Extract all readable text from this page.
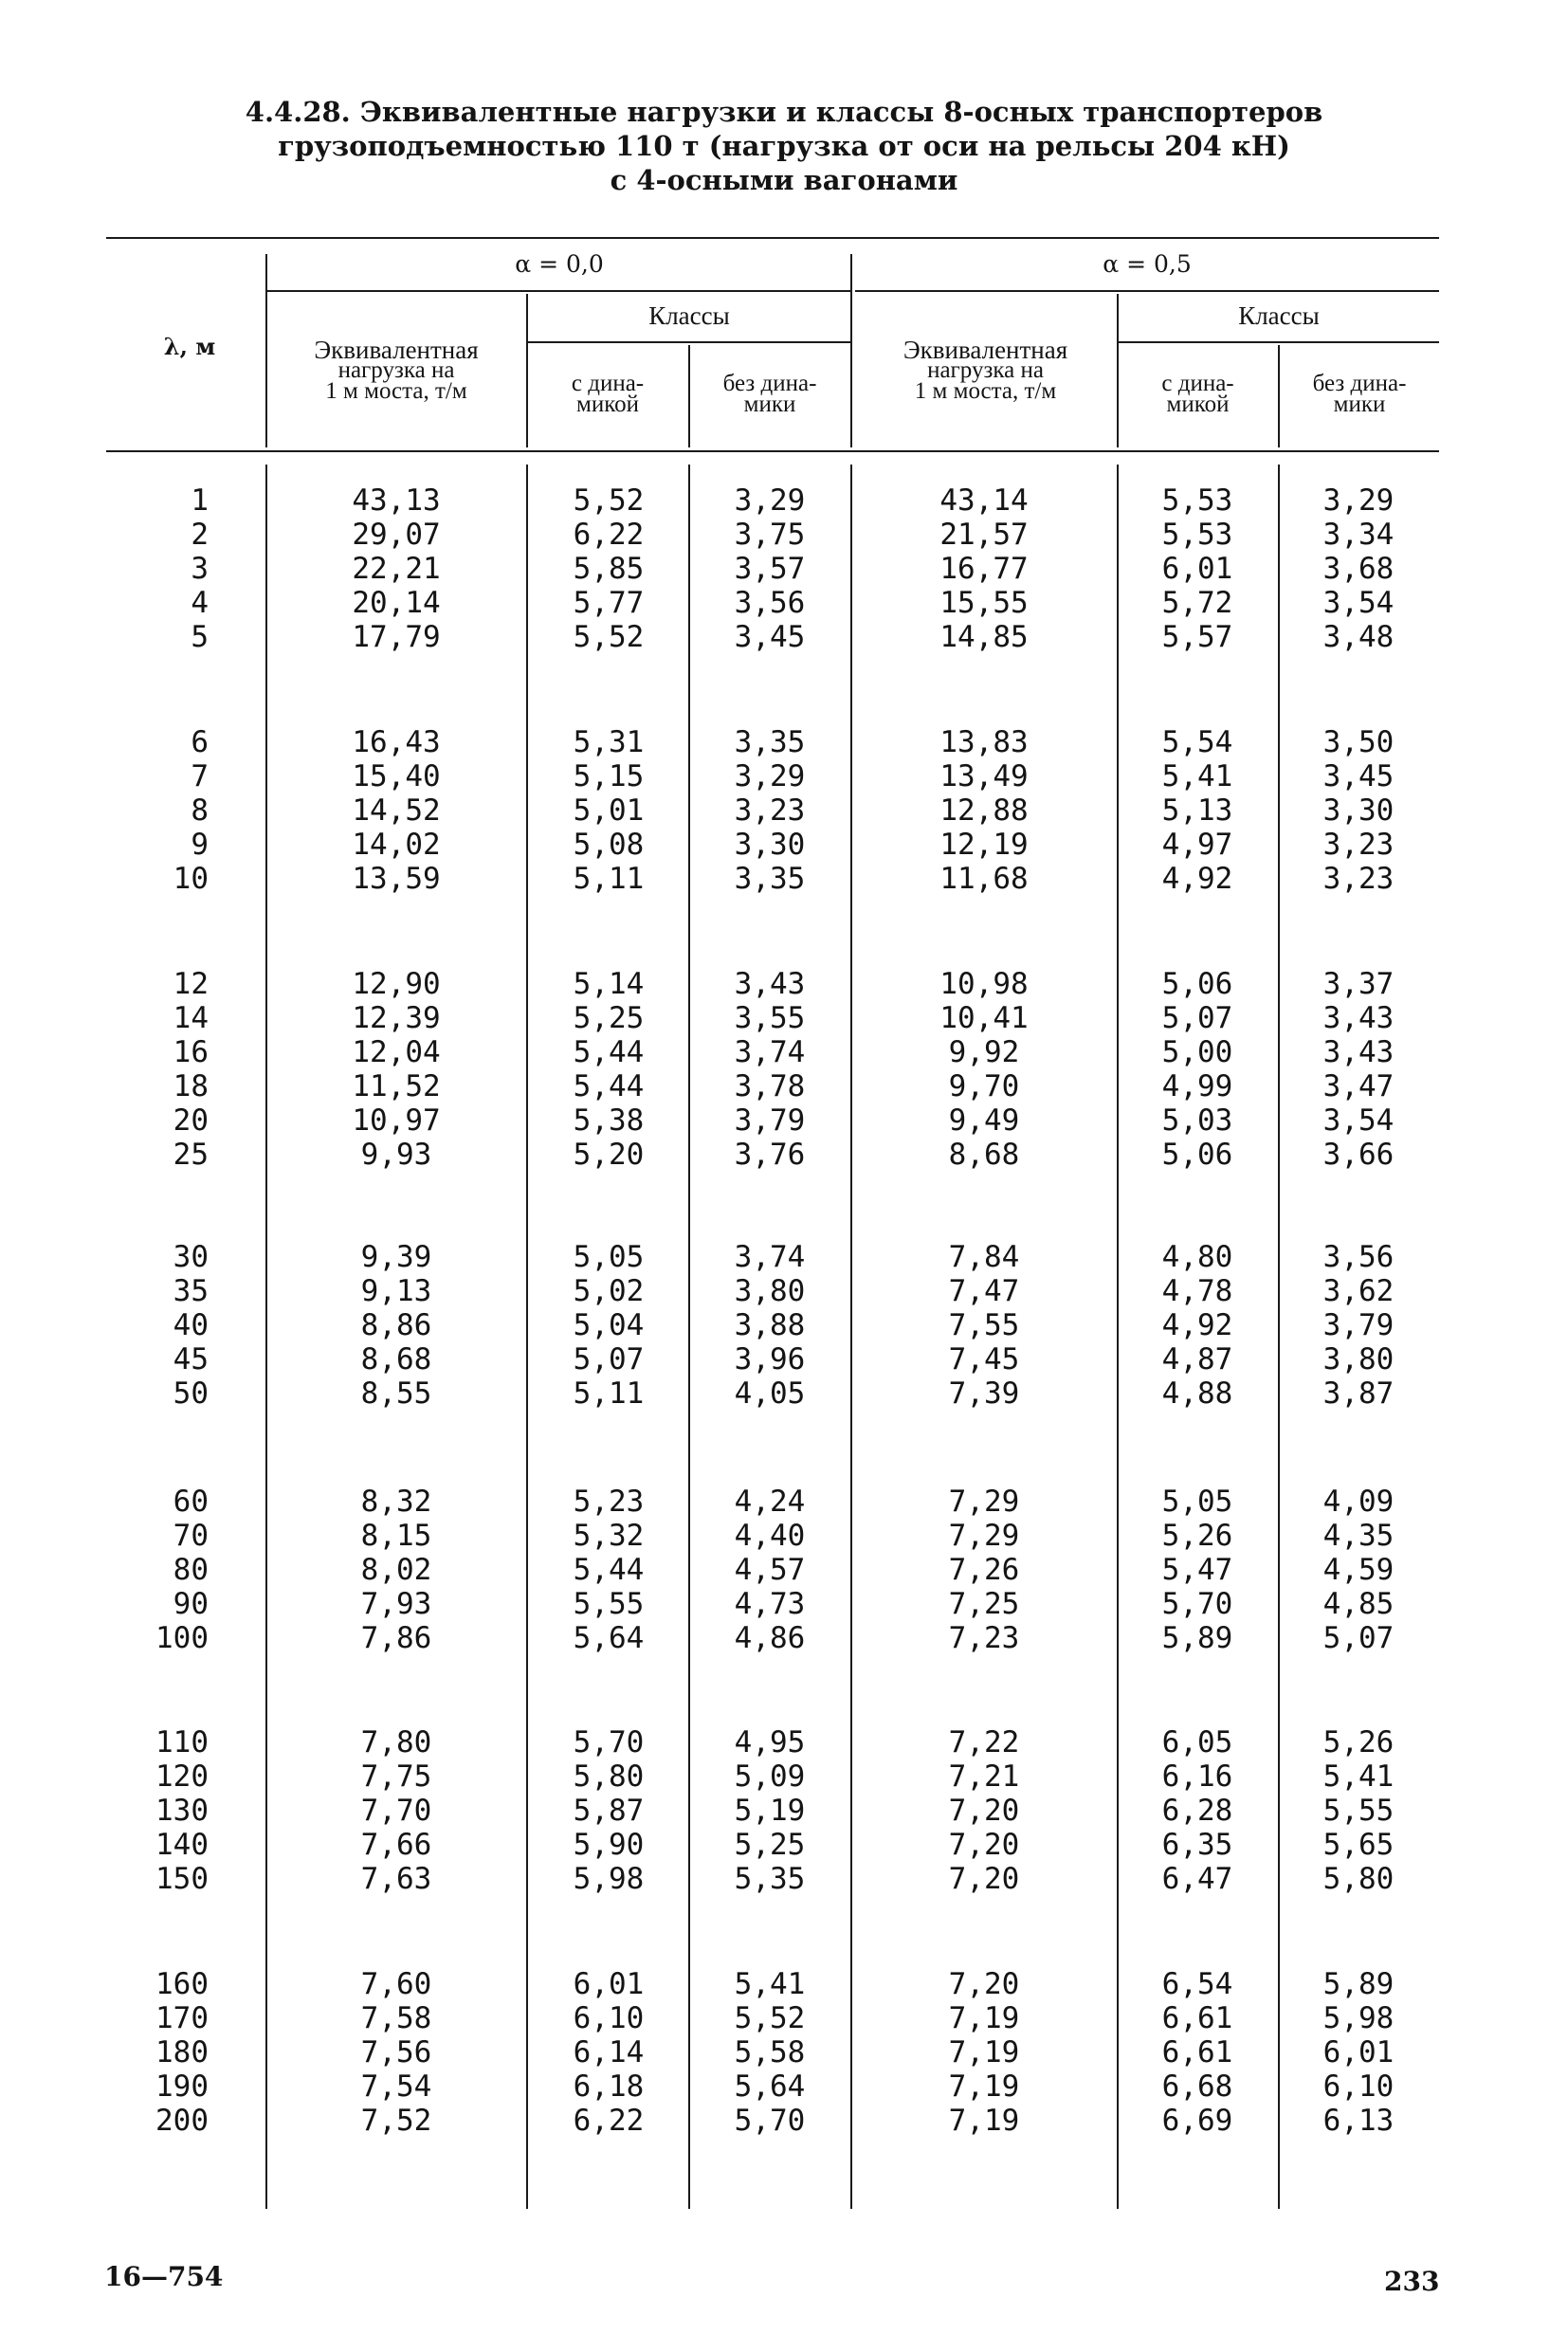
4.4.28. Эквивалентные нагрузки и классы 8-осных транспортеров
грузоподъемностью 110 т (нагрузка от оси на рельсы 204 кН)
с 4-осными вагонами
λ, м
α = 0,0	α = 0,5
Эквивалентная
нагрузка на
1 м моста, т/м
Эквивалентная
нагрузка на
1 м моста, т/м
Классы	Классы
с дина-
микой
без дина-
мики
с дина-
микой
без дина-
мики
1	43,13	5,52	3,29	43,14	5,53	3,29
2	29,07	6,22	3,75	21,57	5,53	3,34
3	22,21	5,85	3,57	16,77	6,01	3,68
4	20,14	5,77	3,56	15,55	5,72	3,54
5	17,79	5,52	3,45	14,85	5,57	3,48
6	16,43	5,31	3,35	13,83	5,54	3,50
7	15,40	5,15	3,29	13,49	5,41	3,45
8	14,52	5,01	3,23	12,88	5,13	3,30
9	14,02	5,08	3,30	12,19	4,97	3,23
10	13,59	5,11	3,35	11,68	4,92	3,23
12	12,90	5,14	3,43	10,98	5,06	3,37
14	12,39	5,25	3,55	10,41	5,07	3,43
16	12,04	5,44	3,74	9,92	5,00	3,43
18	11,52	5,44	3,78	9,70	4,99	3,47
20	10,97	5,38	3,79	9,49	5,03	3,54
25	9,93	5,20	3,76	8,68	5,06	3,66
30	9,39	5,05	3,74	7,84	4,80	3,56
35	9,13	5,02	3,80	7,47	4,78	3,62
40	8,86	5,04	3,88	7,55	4,92	3,79
45	8,68	5,07	3,96	7,45	4,87	3,80
50	8,55	5,11	4,05	7,39	4,88	3,87
60	8,32	5,23	4,24	7,29	5,05	4,09
70	8,15	5,32	4,40	7,29	5,26	4,35
80	8,02	5,44	4,57	7,26	5,47	4,59
90	7,93	5,55	4,73	7,25	5,70	4,85
100	7,86	5,64	4,86	7,23	5,89	5,07
110	7,80	5,70	4,95	7,22	6,05	5,26
120	7,75	5,80	5,09	7,21	6,16	5,41
130	7,70	5,87	5,19	7,20	6,28	5,55
140	7,66	5,90	5,25	7,20	6,35	5,65
150	7,63	5,98	5,35	7,20	6,47	5,80
160	7,60	6,01	5,41	7,20	6,54	5,89
170	7,58	6,10	5,52	7,19	6,61	5,98
180	7,56	6,14	5,58	7,19	6,61	6,01
190	7,54	6,18	5,64	7,19	6,68	6,10
200	7,52	6,22	5,70	7,19	6,69	6,13
16—754	233
